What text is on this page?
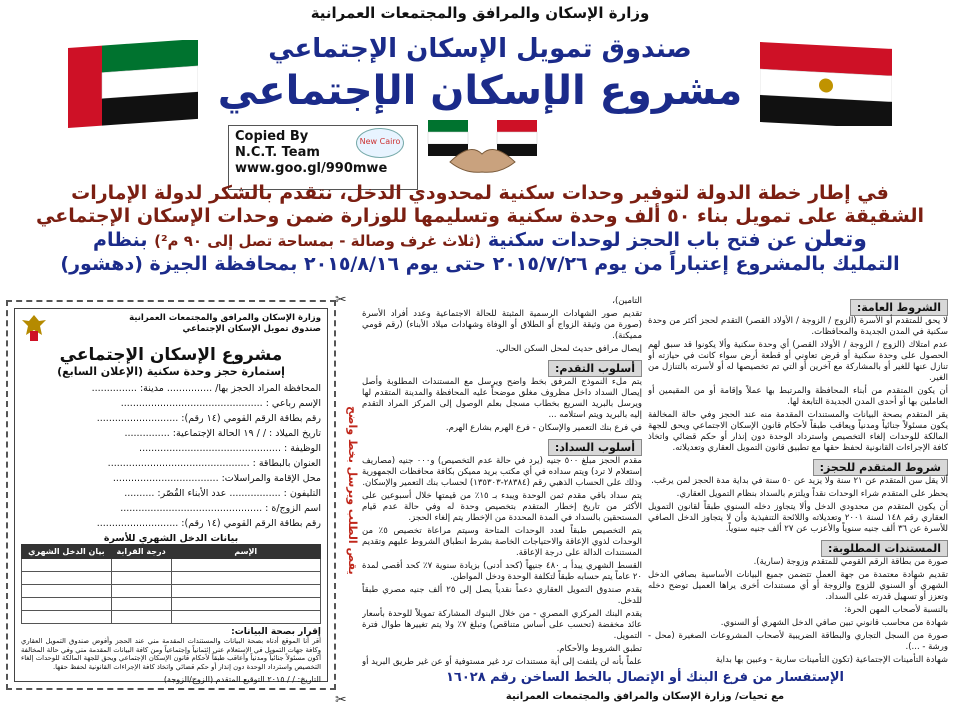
وزارة الإسكان والمرافق والمجتمعات العمرانية
صندوق تمويل الإسكان الإجتماعي
مشروع الإسكان الإجتماعي
Copied By
N.C.T. Team
www.goo.gl/990mwe
New Cairo
في إطار خطة الدولة لتوفير وحدات سكنية لمحدودي الدخل، نتقدم بالشكر لدولة الإمارات
الشقيقة على تمويل بناء ٥٠ ألف وحدة سكنية وتسليمها للوزارة ضمن وحدات الإسكان الإجتماعي
وتعلن عن فتح باب الحجز لوحدات سكنية (ثلاث غرف وصالة - بمساحة تصل إلى ٩٠ م²) بنظام
التمليك بالمشروع إعتباراً من يوم ٢٠١٥/٧/٢٦ حتى يوم ٢٠١٥/٨/١٦ بمحافظة الجيزة (دهشور)
الشروط العامة:

لا يحق للمتقدم أو الأسرة (الزوج / الزوجة / الأولاد القصر) التقدم لحجز أكثر من وحدة سكنية في المدن الجديدة والمحافظات.

عدم امتلاك (الزوج / الزوجة / الأولاد القصر) أي وحدة سكنية وألا يكونوا قد سبق لهم الحصول على وحدة سكنية أو قرض تعاوني أو قطعة أرض سواء كانت في حيازته أو تنازل عنها للغير أو بالمشاركة مع آخرين أو التي تم تخصيصها له أو لأسرته بالتنازل من الغير.

أن يكون المتقدم من أبناء المحافظة والمرتبط بها عملاً وإقامة أو من المقيمين أو العاملين بها أو أحدى المدن الجديدة التابعة لها.

يقر المتقدم بصحة البيانات والمستندات المقدمة منه عند الحجز وفي حالة المخالفة يكون مسئولاً جنائياً ومدنياً ويعاقب طبقاً لأحكام قانون الإسكان الاجتماعي ويحق للجهة المالكة للوحدات إلغاء التخصيص واسترداد الوحدة دون إنذار أو حكم قضائي واتخاذ كافة الإجراءات القانونية لحفظ حقها مع تطبيق قانون التمويل العقاري وتعديلاته.

شروط المتقدم للحجز:

ألا يقل سن المتقدم عن ٢١ سنة ولا يزيد عن ٥٠ سنة في بداية مدة الحجز لمن يرغب.

يحظر على المتقدم شراء الوحدات نقداً ويلتزم بالسداد بنظام التمويل العقاري.

أن يكون المتقدم من محدودي الدخل وألا يتجاوز دخله السنوي طبقاً لقانون التمويل العقاري رقم ١٤٨ لسنة ٢٠٠١ وتعديلاته واللائحة التنفيذية وأن لا يتجاوز الدخل الصافي للأسرة عن ٣٦ ألف جنيه سنوياً والأعزب عن ٢٧ ألف جنيه سنوياً.

المستندات المطلوبة:

صورة من بطاقة الرقم القومي للمتقدم وزوجة (سارية).

تقديم شهادة معتمدة من جهة العمل تتضمن جميع البيانات الأساسية بصافي الدخل الشهري أو السنوي للزوج والزوجة أو أي مستندات أخرى يراها العميل توضح دخله وتعزز أو تسهيل قدرته على السداد.

بالنسبة لأصحاب المهن الحرة:

شهادة من محاسب قانوني تبين صافي الدخل الشهري أو السنوي.

صورة من السجل التجاري والبطاقة الضريبية لأصحاب المشروعات الصغيرة (محل - ورشة - ...).

شهادة التأمينات الإجتماعية (تكون التأمينات سارية - وعبين بها بداية

التأمين)،

تقديم صور الشهادات الرسمية المثبتة للحالة الاجتماعية وعدد أفراد الأسرة (صورة من وثيقة الزواج أو الطلاق أو الوفاة وشهادات ميلاد الأبناء) (رقم قومي مميكنة).

إيصال مرافق حديث لمحل السكن الحالي.

أسلوب التقدم:

يتم ملء النموذج المرفق بخط واضح ويرسل مع المستندات المطلوبة وأصل إيصال السداد داخل مظروف مغلق موضحاً عليه المحافظة والمدينة المتقدم لها ويرسل بالبريد السريع بخطاب مسجل بعلم الوصول إلى المركز المراد التقدم إليه بالبريد ويتم استلامه ...

في فرع بنك التعمير والإسكان - فرع الهرم بشارع الهرم.

أسلوب السداد:

مقدم الحجز مبلغ ٥٠٠ جنيه (يرد في حالة عدم التخصيص) و٠٠٠ جنيه (مصاريف إستعلام لا ترد) ويتم سداده في أي مكتب بريد مميكن بكافة محافظات الجمهورية وذلك على الحساب الذهبي رقم (٢٨٣٨٤-١٣٥٣٠٣) لحساب بنك التعمير والإسكان.

يتم سداد باقي مقدم ثمن الوحدة ويبدء بـ ١٥٪ من قيمتها خلال أسبوعين على الأكثر من تاريخ إخطار المتقدم بتخصيص وحدة له وفي حالة عدم قيام المستحقين بالسداد في المدة المحددة من الإخطار يتم إلغاء الحجز.

يتم التخصيص طبقاً لعدد الوحدات المتاحة وسيتم مراعاة تخصيص ٥٪ من الوحدات لذوي الإعاقة والاحتياجات الخاصة بشرط انطباق الشروط عليهم وتقديم المستندات الدالة على درجة الإعاقة.

القسط الشهري يبدأ بـ ٤٨٠ جنيهاً (كحد أدنى) بزيادة سنوية ٧٪ كحد أقصى لمدة ٢٠ عاماً يتم حسابه طبقاً لتكلفة الوحدة ودخل المواطن.

يقدم صندوق التمويل العقاري دعماً نقدياً يصل إلى ٢٥ ألف جنيه مصري طبقاً للدخل.

يقدم البنك المركزي المصري - من خلال البنوك المشاركة تمويلاً للوحدة بأسعار عائد مخفضة (تحسب على أساس متناقص) وتبلغ ٧٪ ولا يتم تغييرها طوال فترة التمويل.

تطبق الشروط والأحكام.

علماً بأنه لن يلتفت إلى أية مستندات ترد غير مستوفية أو عن غير طريق البريد أو

يقص الطلب ويرسل بخط واضح
وزارة الإسكان والمرافق والمجتمعات العمرانية
صندوق تمويل الإسكان الإجتماعي
مشروع الإسكان الإجتماعي
إستمارة حجز وحدة سكنية (الإعلان السابع)
المحافظة المراد الحجز بها/ ............... مدينة: ...............
الإسم رباعي : ...............................................
رقم بطاقة الرقم القومي (١٤ رقم): ...........................
تاريخ الميلاد : / / ١٩ الحالة الإجتماعية: ...............
الوظيفة : ...............................................
العنوان بالبطاقة : ...............................................
محل الإقامة والمراسلات: ...................................
التليفون : ................. عدد الأبناء القُصّر: ..........
اسم الزوج/ة : ...............................................
رقم بطاقة الرقم القومي (١٤ رقم): ...........................
بيانات الدخل الشهري للأسرة
الإسم	درجة القرابة	بيان الدخل الشهري

إقرار بصحة البيانات:
أقر أنا الموقع أدناه بصحة البيانات والمستندات المقدمة مني عند الحجز وأفوض صندوق التمويل العقاري وكافة جهات التمويل في الإستعلام عني إئتمانياً وإجتماعياً ومن كافة البيانات المقدمة مني وفي حالة المخالفة أكون مسئولاً جنائياً ومدنياً وأعاقب طبقاً لأحكام قانون الإسكان الإجتماعي ويحق للجهة المالكة للوحدات إلغاء التخصيص واسترداد الوحدة دون إنذار أو حكم قضائي واتخاذ كافة الإجراءات القانونية لحفظ حقها.
التاريخ: / / ٢٠١٥ التوقيع المتقدم (الزوج/الزوجة)
✂
✂
الإستفسار من فرع البنك أو الإتصال بالخط الساخن رقم ١٦٠٢٨
مع تحيات/ وزارة الإسكان والمرافق والمجتمعات العمرانية
